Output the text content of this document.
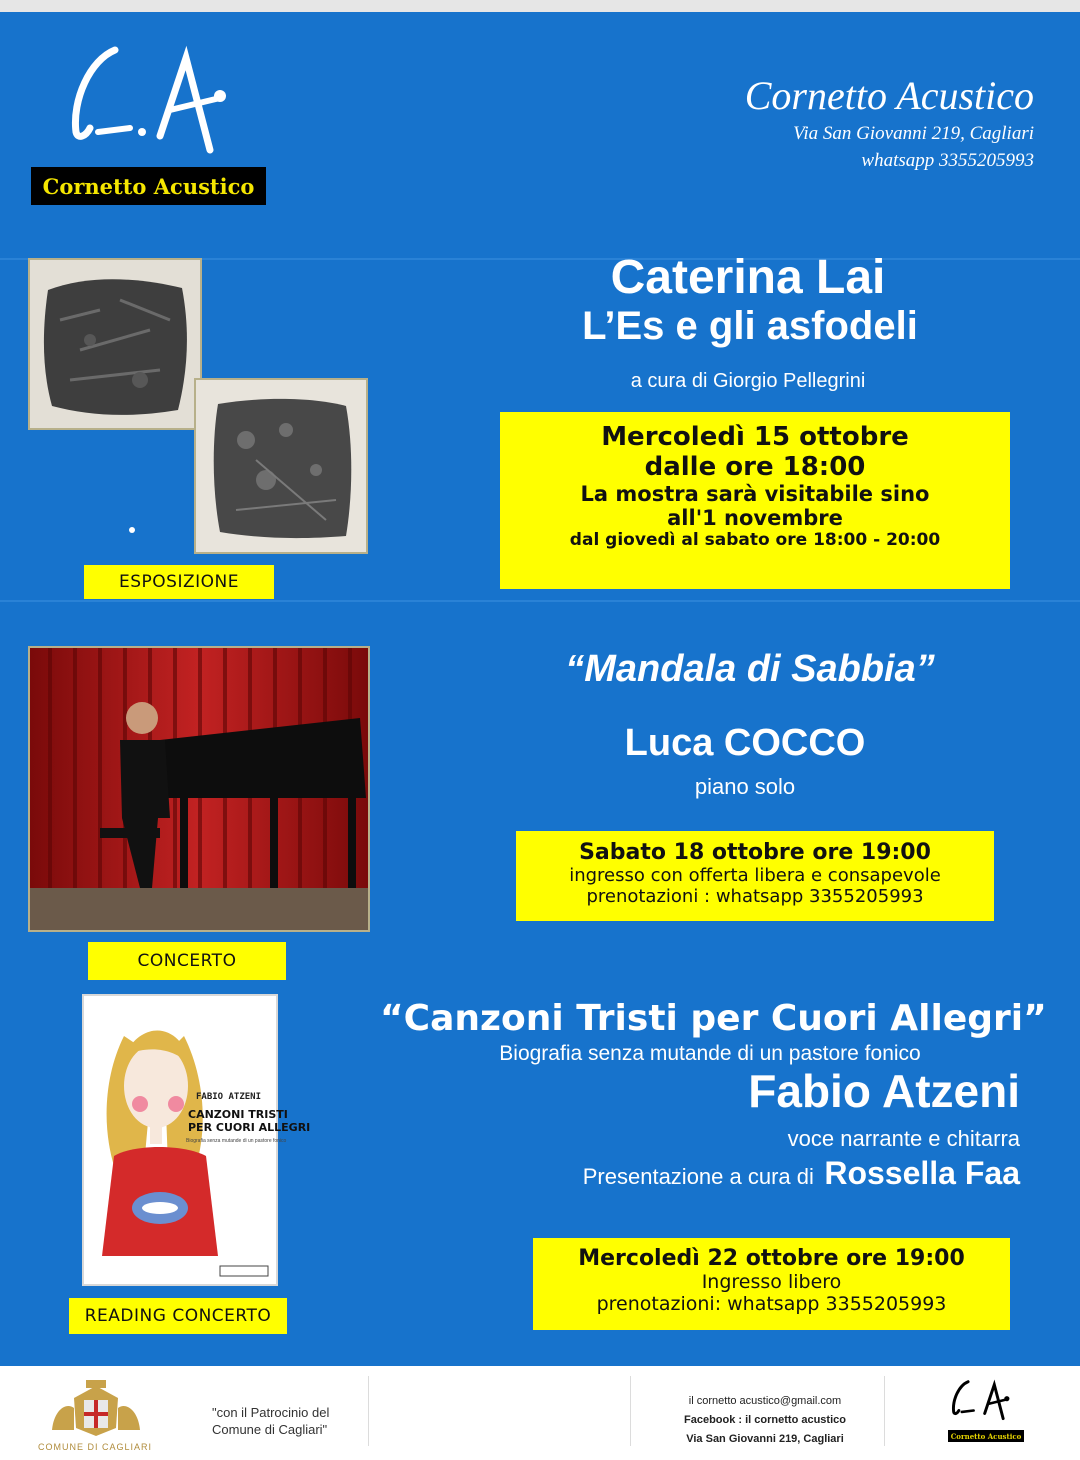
Cornetto Acustico
Cornetto Acustico
Via San Giovanni 219, Cagliari
whatsapp 3355205993
ESPOSIZIONE
Caterina Lai
L’Es e gli asfodeli
a cura di Giorgio Pellegrini
Mercoledì 15 ottobre
dalle ore 18:00
La mostra sarà visitabile sino
all'1 novembre
dal giovedì al sabato ore 18:00 - 20:00
CONCERTO
“Mandala di Sabbia”
Luca COCCO
piano solo
Sabato 18 ottobre ore 19:00
ingresso con offerta libera e consapevole
prenotazioni : whatsapp 3355205993
FABIO ATZENI
CANZONI TRISTI
PER CUORI ALLEGRI
Biografia senza mutande di un pastore fonico
READING CONCERTO
“Canzoni Tristi per Cuori Allegri”
Biografia senza mutande di un pastore fonico
Fabio Atzeni
voce narrante e chitarra
Presentazione a cura di Rossella Faa
Mercoledì 22 ottobre ore 19:00
Ingresso libero
prenotazioni: whatsapp 3355205993
COMUNE DI CAGLIARI
"con il Patrocinio del
Comune di Cagliari"
il cornetto acustico@gmail.com
Facebook : il cornetto acustico
Via San Giovanni 219, Cagliari	Cornetto Acustico
